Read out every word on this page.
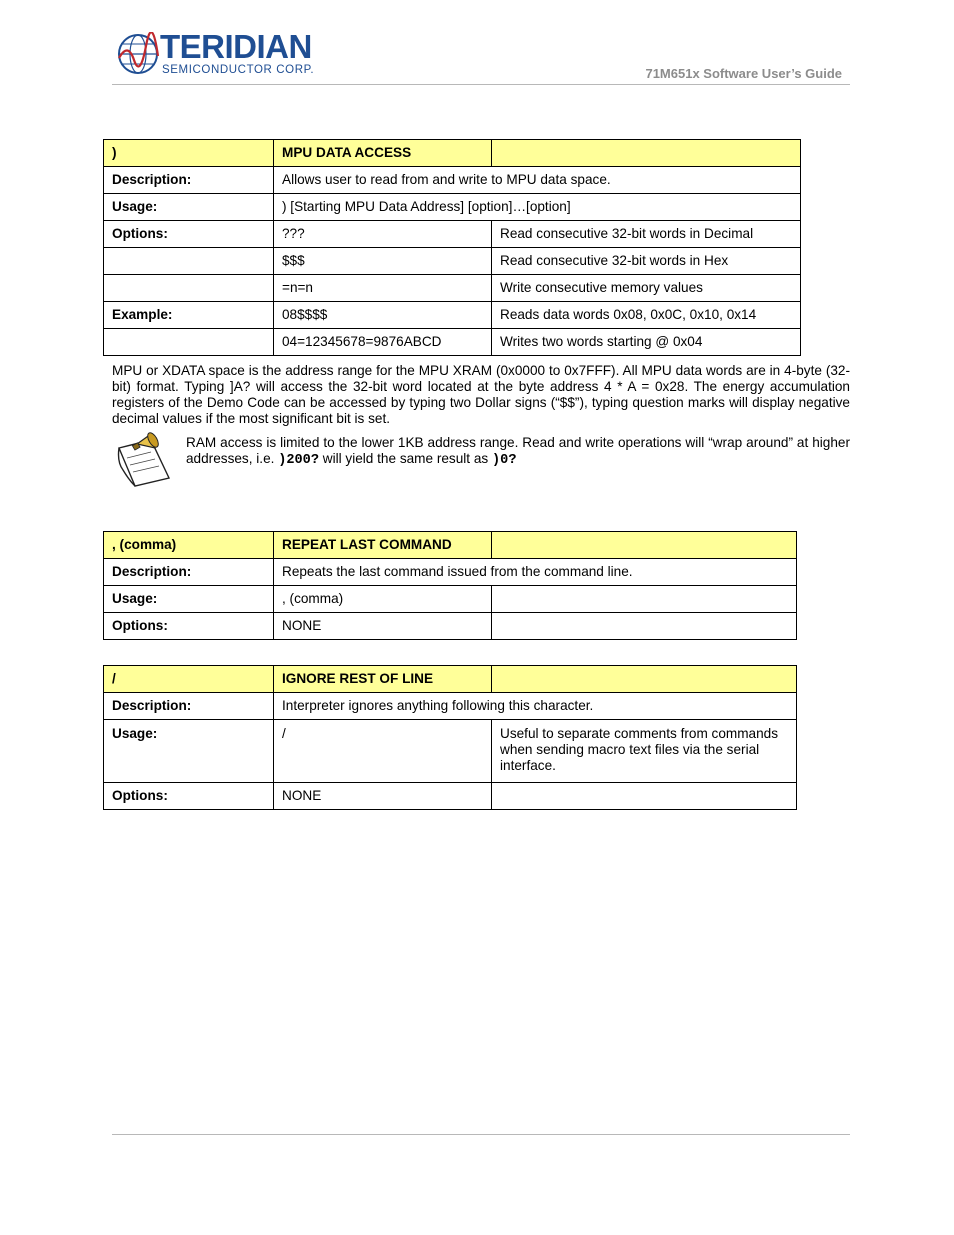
TERIDIAN
SEMICONDUCTOR CORP.	71M651x Software User’s Guide
)	MPU DATA ACCESS	
Description:	Allows user to read from and write to MPU data space.	
Usage:	) [Starting MPU Data Address] [option]…[option]	
Options:	???	Read consecutive 32-bit words in Decimal
	$$$	Read consecutive 32-bit words in Hex
	=n=n	Write consecutive memory values
Example:	08$$$$	Reads data words 0x08, 0x0C, 0x10, 0x14
	04=12345678=9876ABCD	Writes two words starting @ 0x04
MPU or XDATA space is the address range for the MPU XRAM (0x0000 to 0x7FFF). All MPU data words are in 4-byte (32-bit) format. Typing ]A? will access the 32-bit word located at the byte address 4 * A = 0x28. The energy accumulation registers of the Demo Code can be accessed by typing two Dollar signs (“$$”), typing question marks will display negative decimal values if the most significant bit is set.
RAM access is limited to the lower 1KB address range. Read and write operations will “wrap around” at higher addresses, i.e. )200? will yield the same result as )0?
, (comma)	REPEAT LAST COMMAND	
Description:	Repeats the last command issued from the command line.	
Usage:	, (comma)	
Options:	NONE	
/	IGNORE REST OF LINE	
Description:	Interpreter ignores anything following this character.	
Usage:	/	Useful to separate comments from commands when sending macro text files via the serial interface.
Options:	NONE	
